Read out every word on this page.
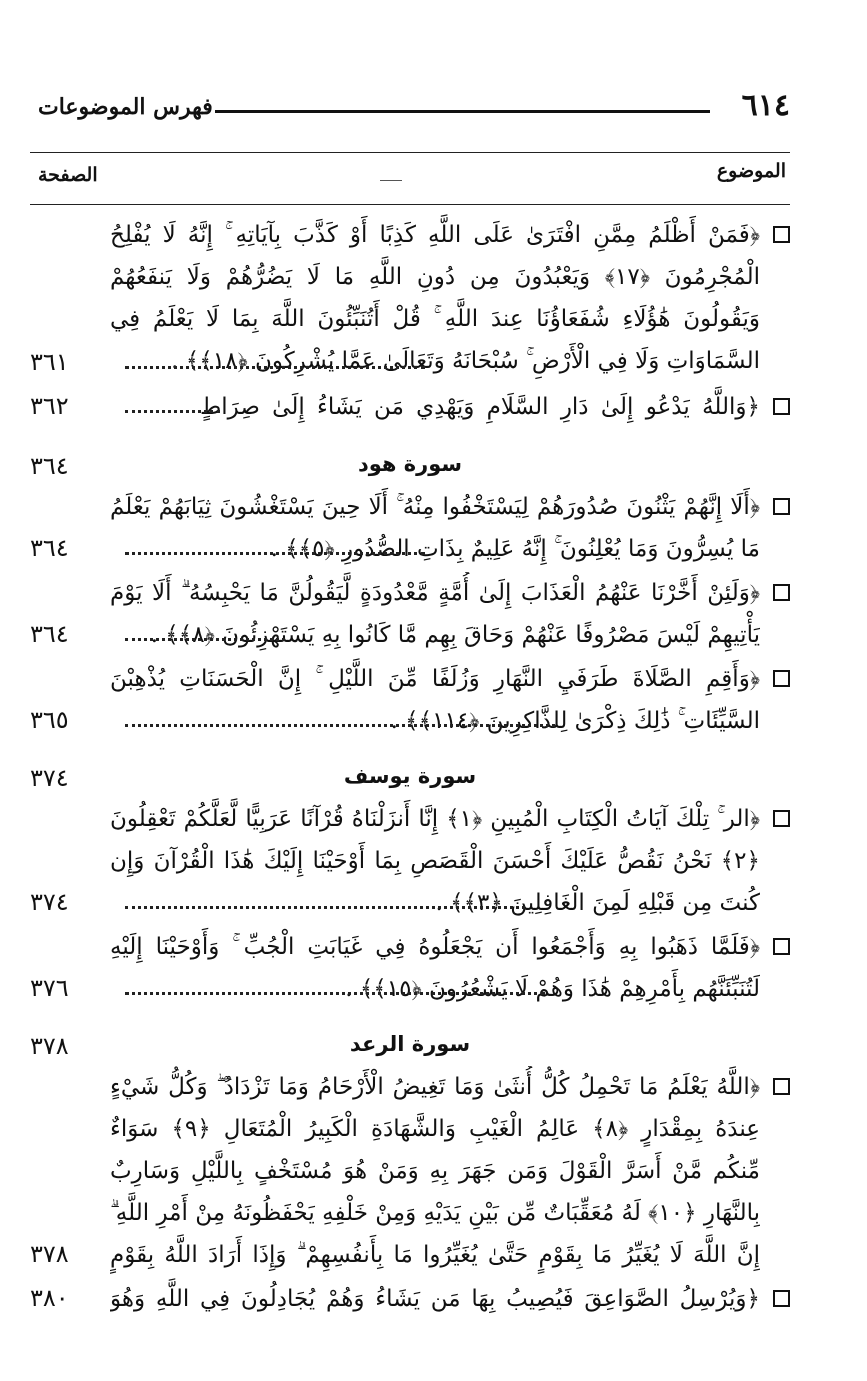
٦١٤
فهرس الموضوعات
الموضوع
الصفحة
﴿فَمَنْ أَظْلَمُ مِمَّنِ افْتَرَىٰ عَلَى اللَّهِ كَذِبًا أَوْ كَذَّبَ بِآيَاتِهِ ۚ إِنَّهُ لَا يُفْلِحُ الْمُجْرِمُونَ ﴿١٧﴾ وَيَعْبُدُونَ مِن دُونِ اللَّهِ مَا لَا يَضُرُّهُمْ وَلَا يَنفَعُهُمْ وَيَقُولُونَ هَٰؤُلَاءِ شُفَعَاؤُنَا عِندَ اللَّهِ ۚ قُلْ أَتُنَبِّئُونَ اللَّهَ بِمَا لَا يَعْلَمُ فِي السَّمَاوَاتِ وَلَا فِي الْأَرْضِ ۚ سُبْحَانَهُ وَتَعَالَىٰ عَمَّا يُشْرِكُونَ ﴿١٨﴾﴾ .
٣٦١
﴿وَاللَّهُ يَدْعُو إِلَىٰ دَارِ السَّلَامِ وَيَهْدِي مَن يَشَاءُ إِلَىٰ صِرَاطٍ
٣٦٢
سورة هود
٣٦٤
﴿أَلَا إِنَّهُمْ يَثْنُونَ صُدُورَهُمْ لِيَسْتَخْفُوا مِنْهُ ۚ أَلَا حِينَ يَسْتَغْشُونَ ثِيَابَهُمْ يَعْلَمُ مَا يُسِرُّونَ وَمَا يُعْلِنُونَ ۚ إِنَّهُ عَلِيمٌ بِذَاتِ الصُّدُورِ ﴿٥﴾﴾ .
٣٦٤
﴿وَلَئِنْ أَخَّرْنَا عَنْهُمُ الْعَذَابَ إِلَىٰ أُمَّةٍ مَّعْدُودَةٍ لَّيَقُولُنَّ مَا يَحْبِسُهُ ۗ أَلَا يَوْمَ يَأْتِيهِمْ لَيْسَ مَصْرُوفًا عَنْهُمْ وَحَاقَ بِهِم مَّا كَانُوا بِهِ يَسْتَهْزِئُونَ ﴿٨﴾﴾ .
٣٦٤
﴿وَأَقِمِ الصَّلَاةَ طَرَفَيِ النَّهَارِ وَزُلَفًا مِّنَ اللَّيْلِ ۚ إِنَّ الْحَسَنَاتِ يُذْهِبْنَ السَّيِّئَاتِ ۚ ذَٰلِكَ ذِكْرَىٰ لِلذَّاكِرِينَ ﴿١١٤﴾﴾ .
٣٦٥
سورة يوسف
٣٧٤
﴿الر ۚ تِلْكَ آيَاتُ الْكِتَابِ الْمُبِينِ ﴿١﴾ إِنَّا أَنزَلْنَاهُ قُرْآنًا عَرَبِيًّا لَّعَلَّكُمْ تَعْقِلُونَ ﴿٢﴾ نَحْنُ نَقُصُّ عَلَيْكَ أَحْسَنَ الْقَصَصِ بِمَا أَوْحَيْنَا إِلَيْكَ هَٰذَا الْقُرْآنَ وَإِن كُنتَ مِن قَبْلِهِ لَمِنَ الْغَافِلِينَ ﴿٣﴾﴾ .
٣٧٤
﴿فَلَمَّا ذَهَبُوا بِهِ وَأَجْمَعُوا أَن يَجْعَلُوهُ فِي غَيَابَتِ الْجُبِّ ۚ وَأَوْحَيْنَا إِلَيْهِ لَتُنَبِّئَنَّهُم بِأَمْرِهِمْ هَٰذَا وَهُمْ لَا يَشْعُرُونَ ﴿١٥﴾﴾ .
٣٧٦
سورة الرعد
٣٧٨
﴿اللَّهُ يَعْلَمُ مَا تَحْمِلُ كُلُّ أُنثَىٰ وَمَا تَغِيضُ الْأَرْحَامُ وَمَا تَزْدَادُ ۖ وَكُلُّ شَيْءٍ عِندَهُ بِمِقْدَارٍ ﴿٨﴾ عَالِمُ الْغَيْبِ وَالشَّهَادَةِ الْكَبِيرُ الْمُتَعَالِ ﴿٩﴾ سَوَاءٌ مِّنكُم مَّنْ أَسَرَّ الْقَوْلَ وَمَن جَهَرَ بِهِ وَمَنْ هُوَ مُسْتَخْفٍ بِاللَّيْلِ وَسَارِبٌ بِالنَّهَارِ ﴿١٠﴾ لَهُ مُعَقِّبَاتٌ مِّن بَيْنِ يَدَيْهِ وَمِنْ خَلْفِهِ يَحْفَظُونَهُ مِنْ أَمْرِ اللَّهِ ۗ إِنَّ اللَّهَ لَا يُغَيِّرُ مَا بِقَوْمٍ حَتَّىٰ يُغَيِّرُوا مَا بِأَنفُسِهِمْ ۗ وَإِذَا أَرَادَ اللَّهُ بِقَوْمٍ
٣٧٨
﴿وَيُرْسِلُ الصَّوَاعِقَ فَيُصِيبُ بِهَا مَن يَشَاءُ وَهُمْ يُجَادِلُونَ فِي اللَّهِ وَهُوَ
٣٨٠
